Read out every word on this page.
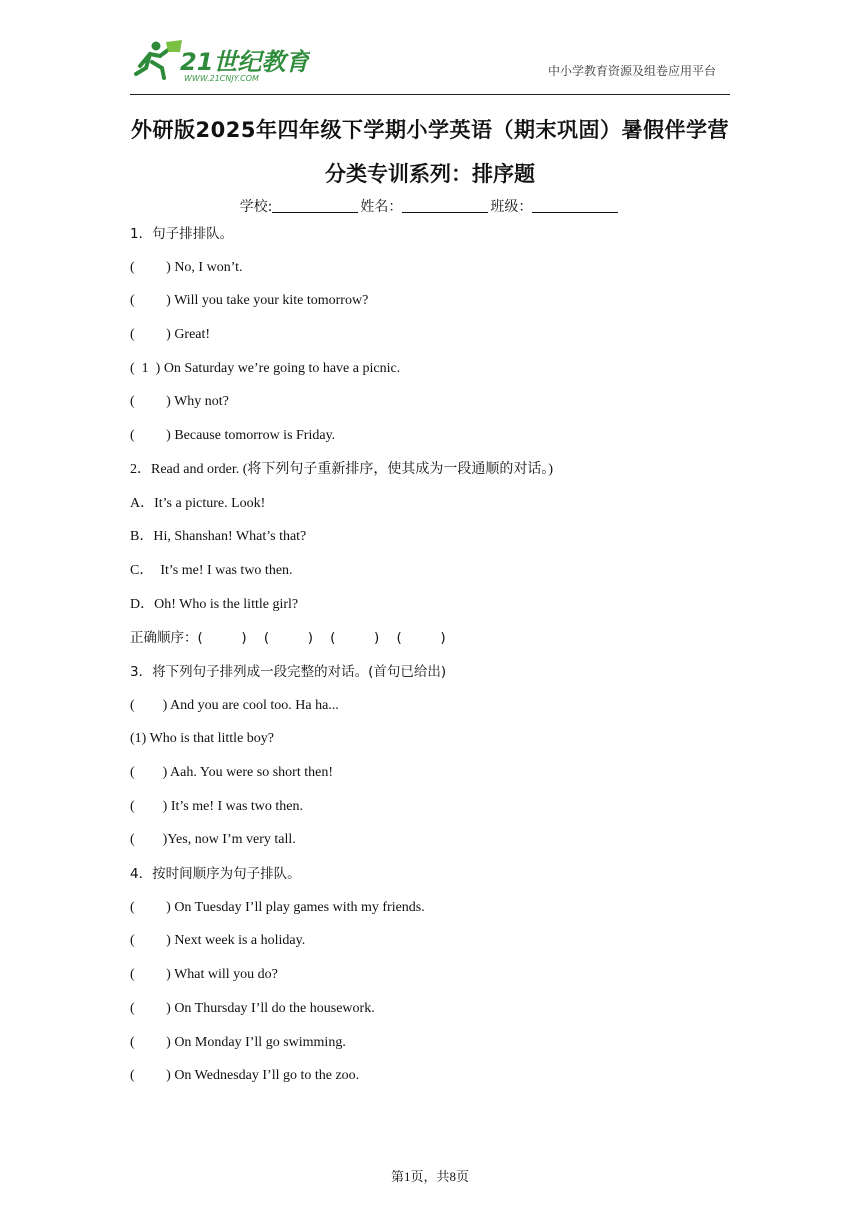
21世纪教育
WWW.21CNJY.COM
中小学教育资源及组卷应用平台
外研版2025年四年级下学期小学英语（期末巩固）暑假伴学营
分类专训系列：排序题
学校:	姓名：	班级：
1．句子排排队。
(         ) No, I won’t.
(         ) Will you take your kite tomorrow?
(         ) Great!
(  1  ) On Saturday we’re going to have a picnic.
(         ) Why not?
(         ) Because tomorrow is Friday.
2．Read and order. (将下列句子重新排序，使其成为一段通顺的对话。)
A．It’s a picture. Look!
B．Hi, Shanshan! What’s that?
C．  It’s me! I was two then.
D．Oh! Who is the little girl?
正确顺序：(         )    (         )    (         )    (         )
3．将下列句子排列成一段完整的对话。(首句已给出)
(        ) And you are cool too. Ha ha...
(1) Who is that little boy?
(        ) Aah. You were so short then!
(        ) It’s me! I was two then.
(        )Yes, now I’m very tall.
4．按时间顺序为句子排队。
(         ) On Tuesday I’ll play games with my friends.
(         ) Next week is a holiday.
(         ) What will you do?
(         ) On Thursday I’ll do the housework.
(         ) On Monday I’ll go swimming.
(         ) On Wednesday I’ll go to the zoo.
第1页，共8页
